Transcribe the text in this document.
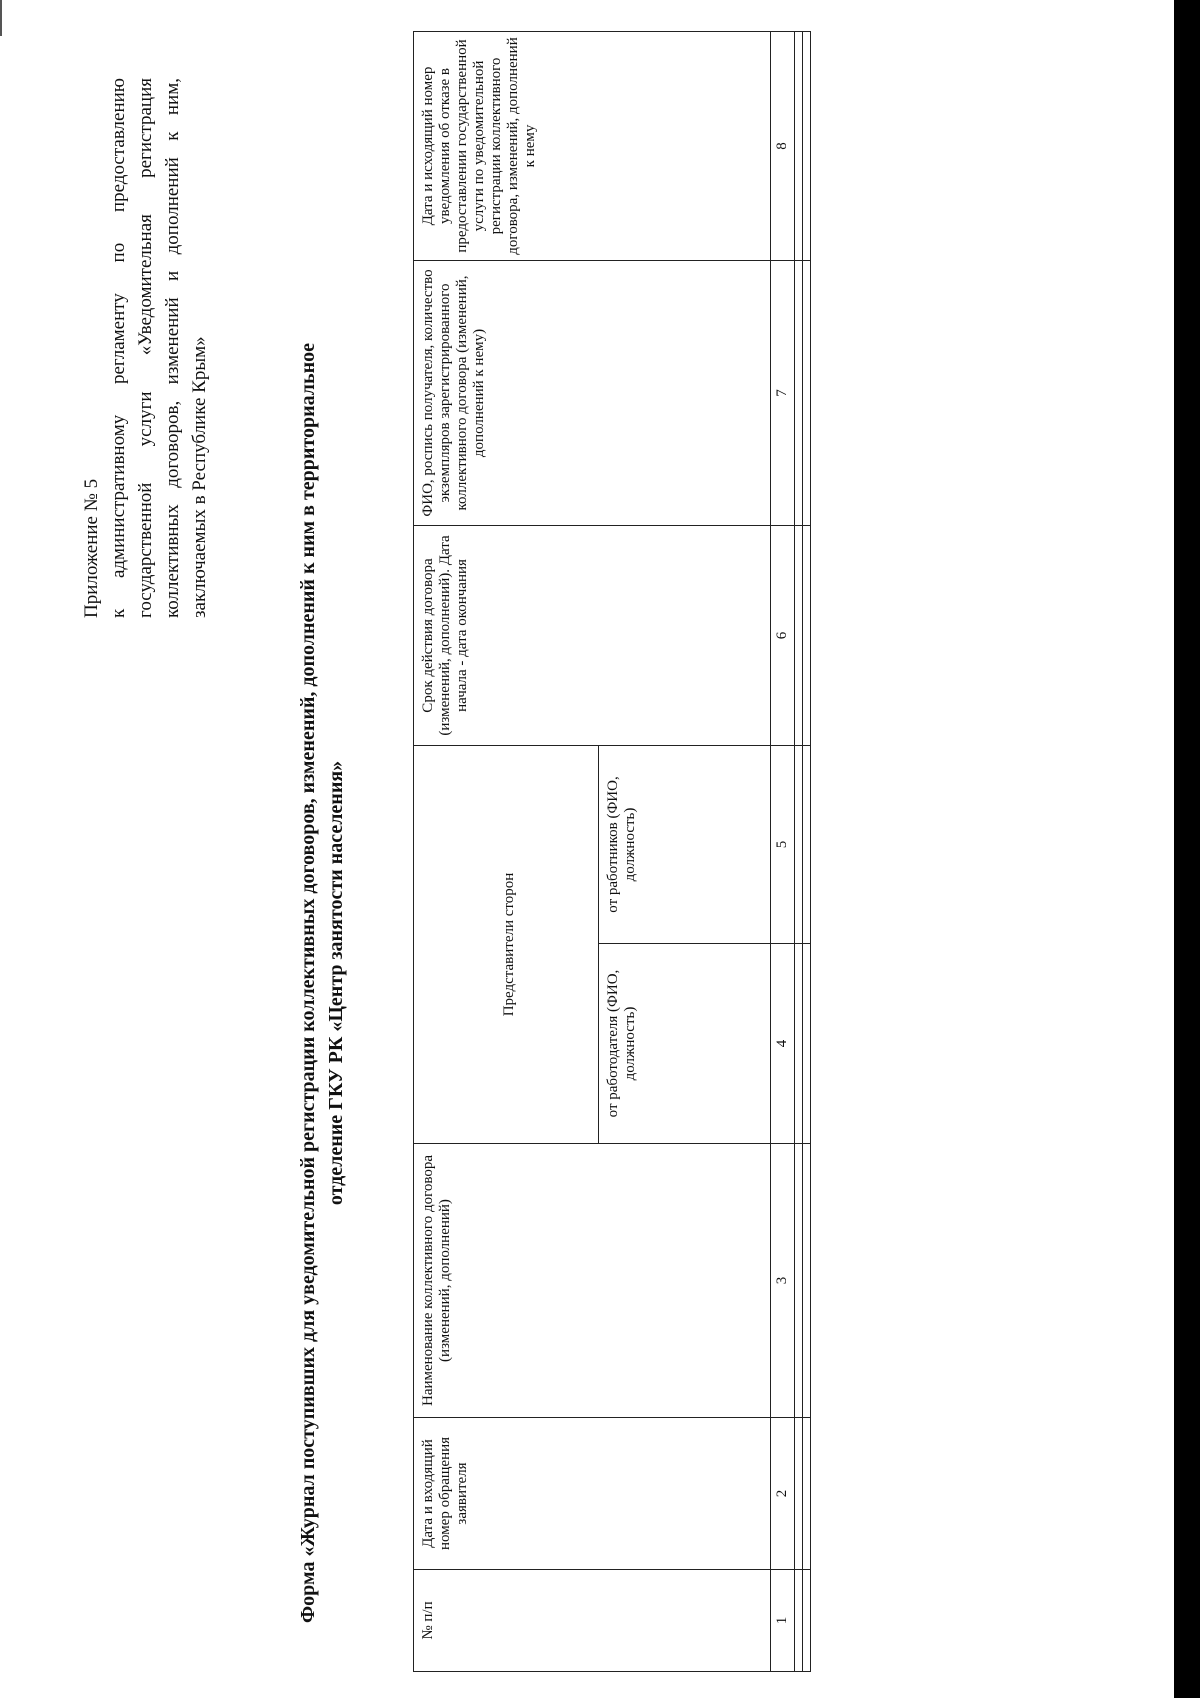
Приложение № 5 к административному регламенту по предоставлению государственной услуги «Уведомительная регистрация коллективных договоров, изменений и дополнений к ним, заключаемых в Республике Крым»	Форма «Журнал поступивших для уведомительной регистрации коллективных договоров, изменений, дополнений к ним в территориальное отделение ГКУ РК «Центр занятости населения»
№ п/п	Дата и входящий номер обращения заявителя	Наименование коллективного договора (изменений, дополнений)	Представители сторон		Срок действия договора (изменений, дополнений). Дата начала - дата окончания	ФИО, роспись получателя, количество экземпляров зарегистрированного коллективного договора (изменений, дополнений к нему)	Дата и исходящий номер уведомления об отказе в предоставлении государственной услуги по уведомительной регистрации коллективного договора, изменений, дополнений к нему
			от работодателя (ФИО, должность)	от работников (ФИО, должность)			
1	2	3	4	5	6	7	8
